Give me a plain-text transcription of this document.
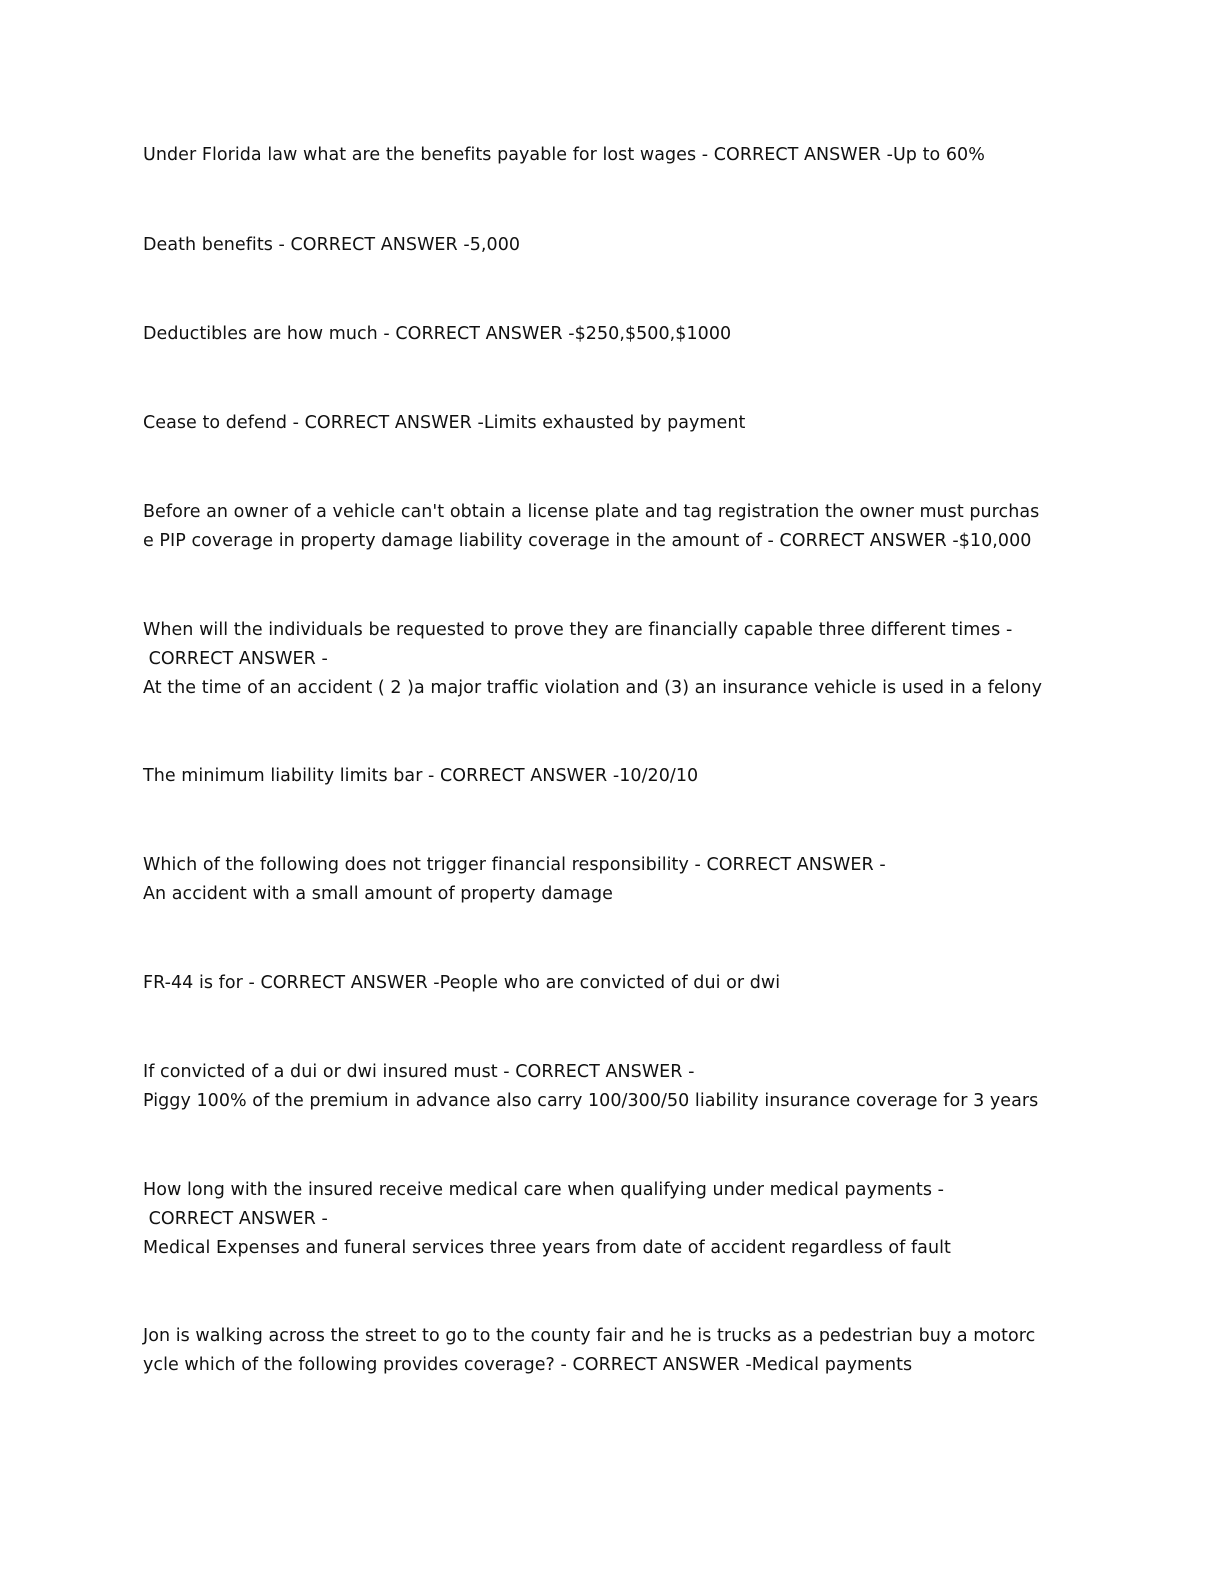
Under Florida law what are the benefits payable for lost wages - CORRECT ANSWER -Up to 60%
Death benefits - CORRECT ANSWER -5,000
Deductibles are how much - CORRECT ANSWER -$250,$500,$1000
Cease to defend - CORRECT ANSWER -Limits exhausted by payment
Before an owner of a vehicle can't obtain a license plate and tag registration the owner must purchas
e PIP coverage in property damage liability coverage in the amount of - CORRECT ANSWER -$10,000
When will the individuals be requested to prove they are financially capable three different times -
CORRECT ANSWER -
At the time of an accident ( 2 )a major traffic violation and (3) an insurance vehicle is used in a felony
The minimum liability limits bar - CORRECT ANSWER -10/20/10
Which of the following does not trigger financial responsibility - CORRECT ANSWER -
An accident with a small amount of property damage
FR-44 is for - CORRECT ANSWER -People who are convicted of dui or dwi
If convicted of a dui or dwi insured must - CORRECT ANSWER -
Piggy 100% of the premium in advance also carry 100/300/50 liability insurance coverage for 3 years
How long with the insured receive medical care when qualifying under medical payments -
CORRECT ANSWER -
Medical Expenses and funeral services three years from date of accident regardless of fault
Jon is walking across the street to go to the county fair and he is trucks as a pedestrian buy a motorc
ycle which of the following provides coverage? - CORRECT ANSWER -Medical payments
